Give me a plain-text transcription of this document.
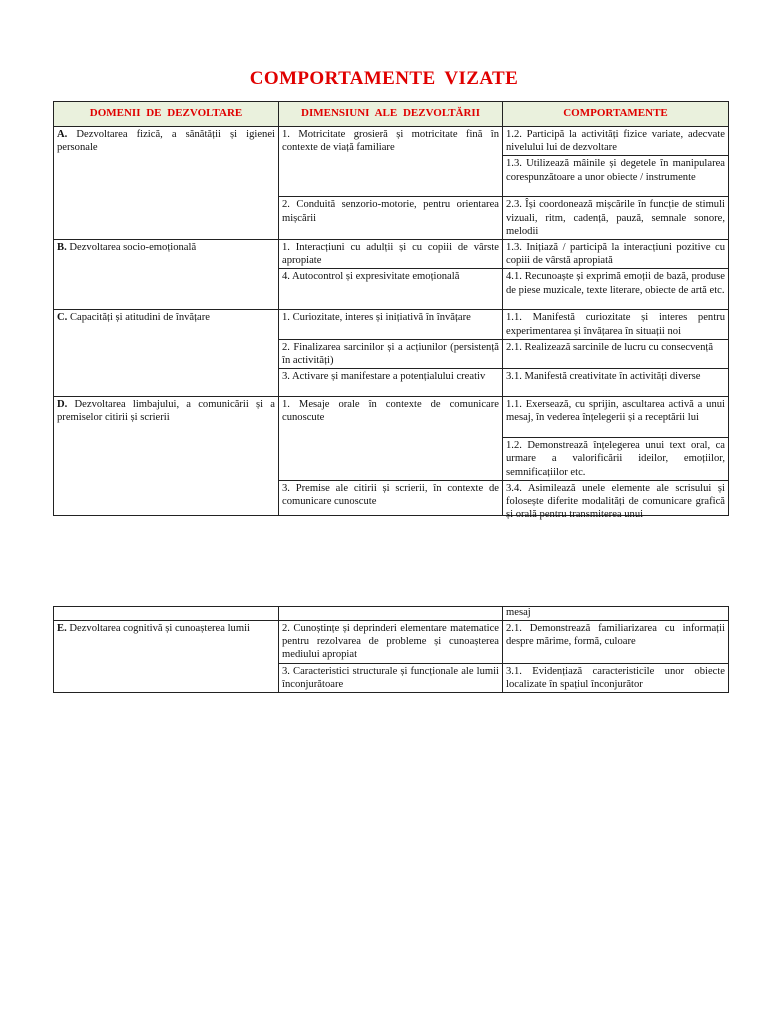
COMPORTAMENTE VIZATE
DOMENII DE DEZVOLTARE	DIMENSIUNI ALE DEZVOLTĂRII	COMPORTAMENTE
A. Dezvoltarea fizică, a sănătății și igienei personale	1. Motricitate grosieră și motricitate fină în contexte de viață familiare	1.2. Participă la activități fizice variate, adecvate nivelului lui de dezvoltare
		1.3. Utilizează mâinile și degetele în manipularea corespunzătoare a unor obiecte / instrumente
	2. Conduită senzorio-motorie, pentru orientarea mișcării	2.3. Își coordonează mișcările în funcție de stimuli vizuali, ritm, cadență, pauză, semnale sonore, melodii
B. Dezvoltarea socio-emoțională	1. Interacțiuni cu adulții și cu copiii de vârste apropiate	1.3. Inițiază / participă la interacțiuni pozitive cu copiii de vârstă apropiată
	4. Autocontrol și expresivitate emoțională	4.1. Recunoaște și exprimă emoții de bază, produse de piese muzicale, texte literare, obiecte de artă etc.
C. Capacități și atitudini de învățare	1. Curiozitate, interes și inițiativă în învățare	1.1. Manifestă curiozitate și interes pentru experimentarea și învățarea în situații noi
	2. Finalizarea sarcinilor și a acțiunilor (persistență în activități)	2.1. Realizează sarcinile de lucru cu consecvență
	3. Activare și manifestare a potențialului creativ	3.1. Manifestă creativitate în activități diverse
D. Dezvoltarea limbajului, a comunicării și a premiselor citirii și scrierii	1. Mesaje orale în contexte de comunicare cunoscute	1.1. Exersează, cu sprijin, ascultarea activă a unui mesaj, în vederea înțelegerii și a receptării lui
		1.2. Demonstrează înțelegerea unui text oral, ca urmare a valorificării ideilor, emoțiilor, semnificațiilor etc.
	3. Premise ale citirii și scrierii, în contexte de comunicare cunoscute	3.4. Asimilează unele elemente ale scrisului și folosește diferite modalități de comunicare grafică și orală pentru transmiterea unui
		mesaj
E. Dezvoltarea cognitivă și cunoașterea lumii	2. Cunoștințe și deprinderi elementare matematice pentru rezolvarea de probleme și cunoașterea mediului apropiat	2.1. Demonstrează familiarizarea cu informații despre mărime, formă, culoare
	3. Caracteristici structurale și funcționale ale lumii înconjurătoare	3.1. Evidențiază caracteristicile unor obiecte localizate în spațiul înconjurător
